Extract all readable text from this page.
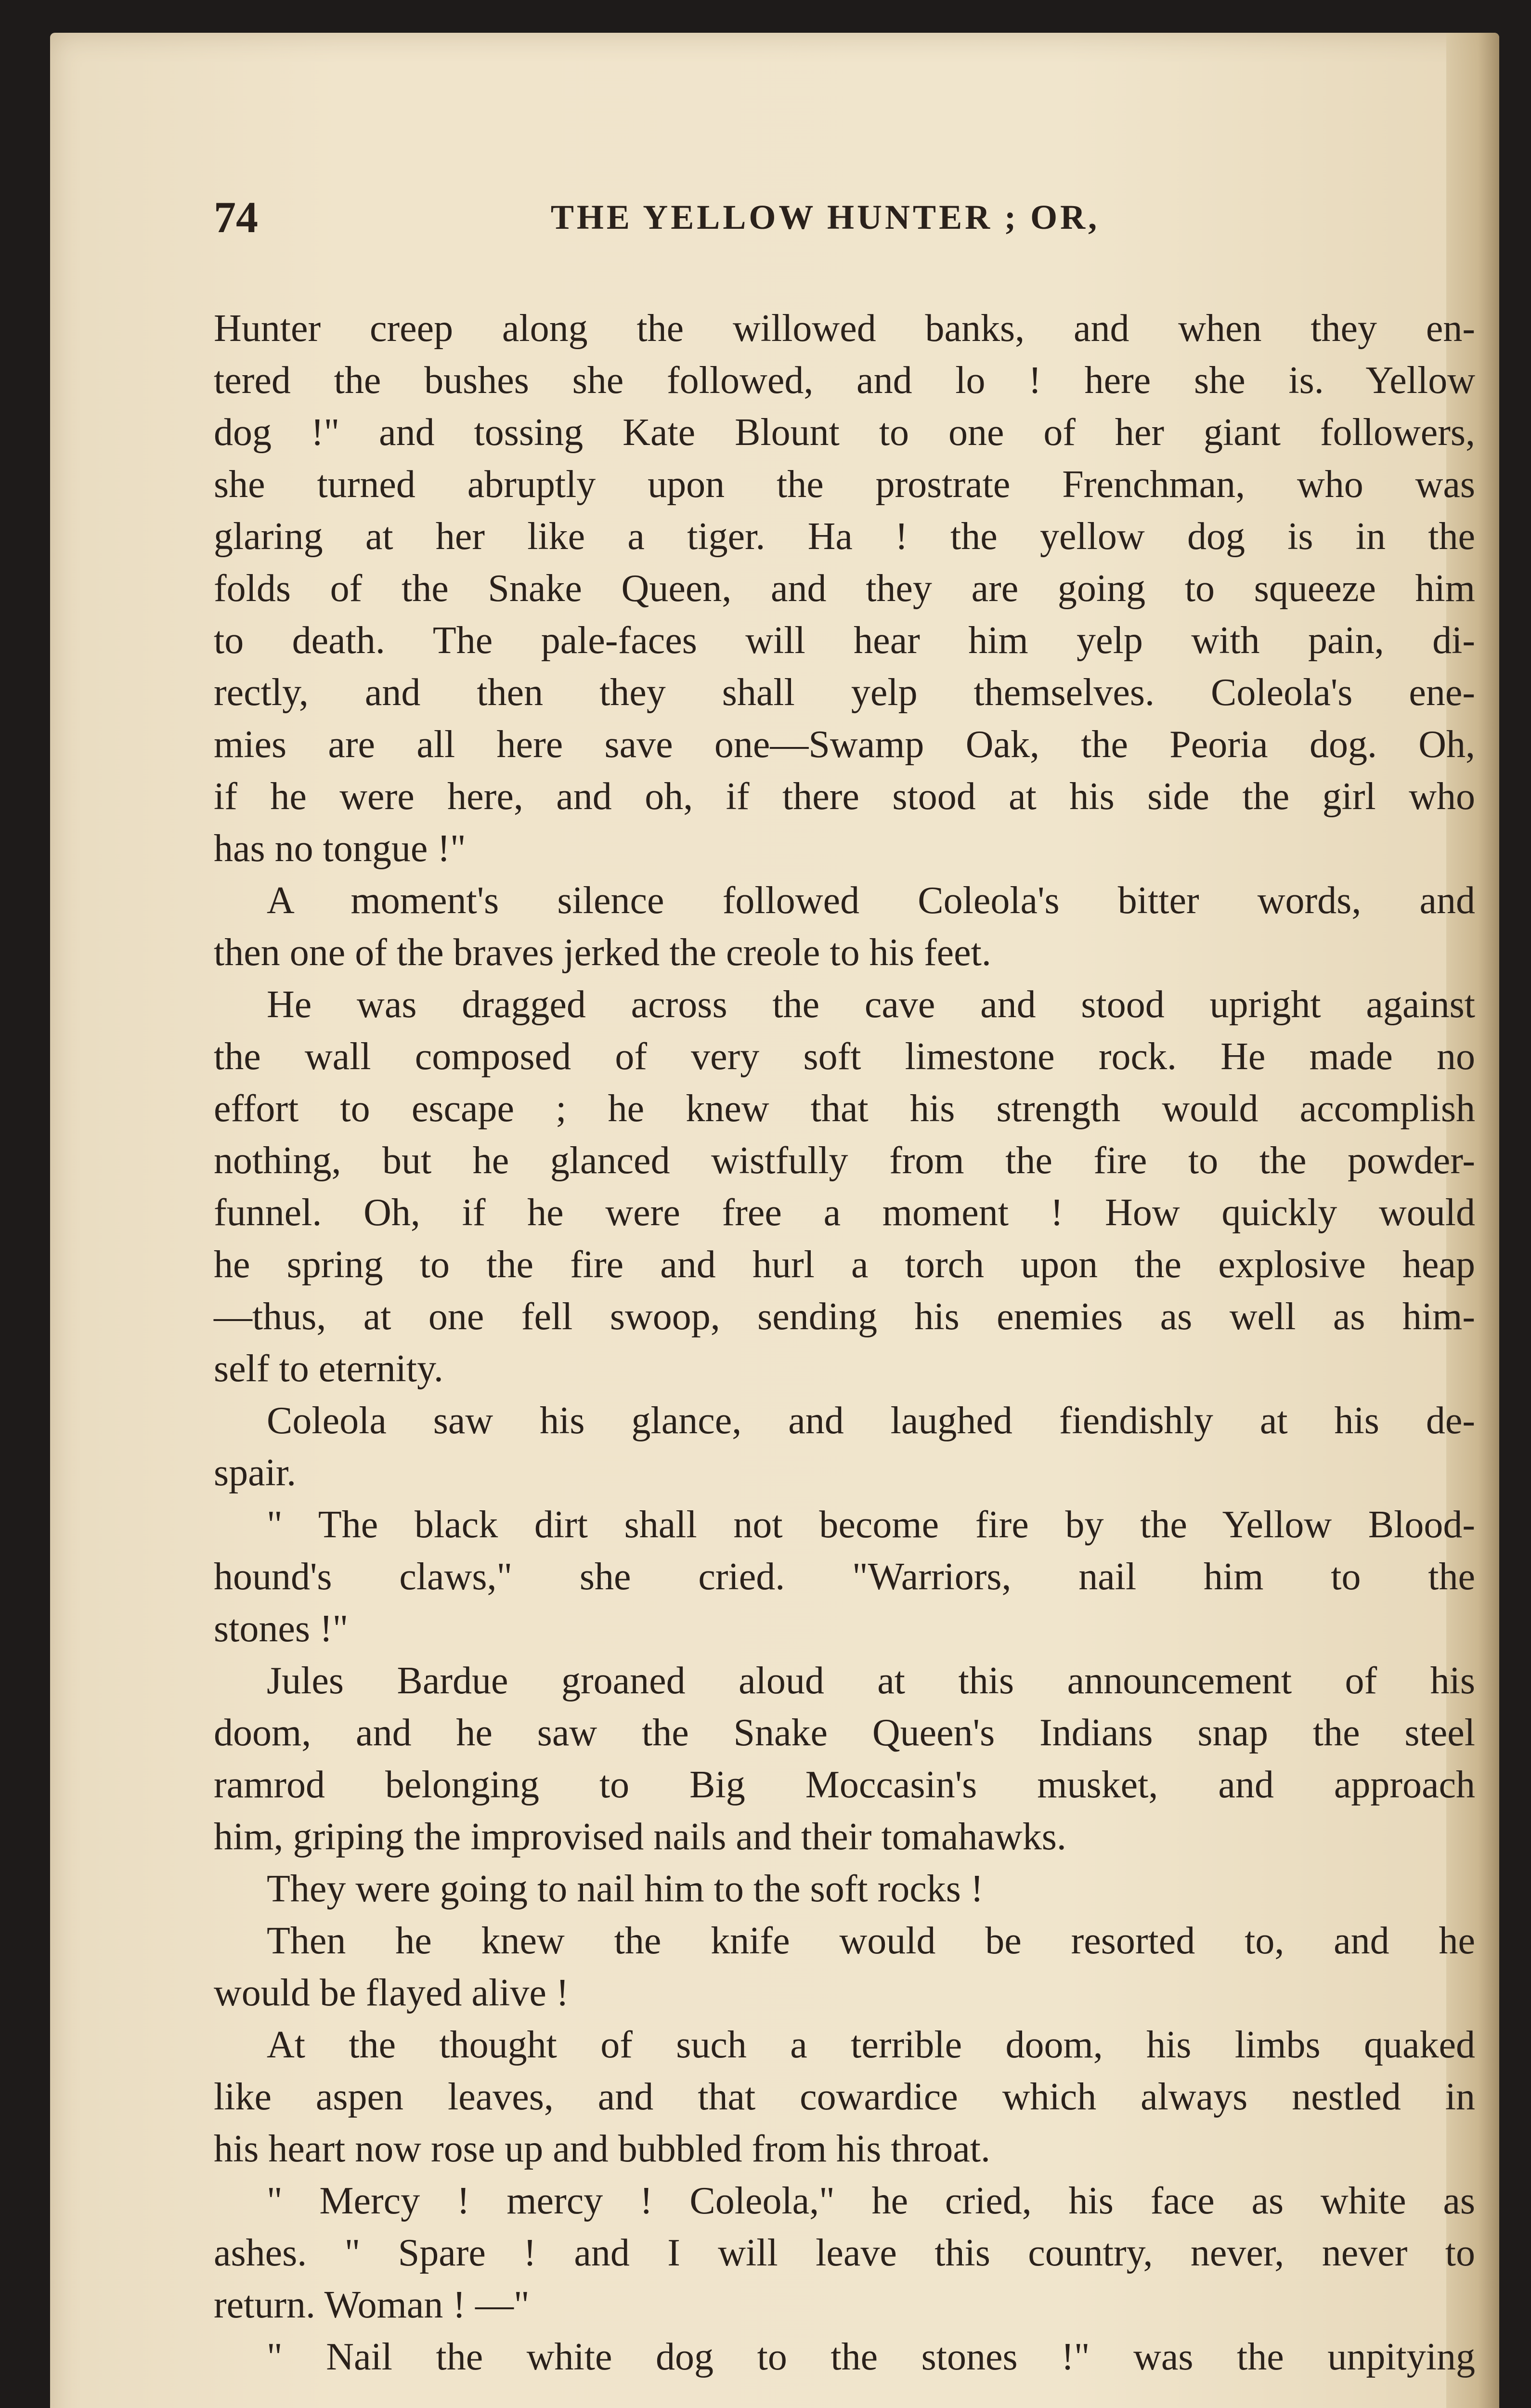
74	THE YELLOW HUNTER ; OR,
Hunter creep along the willowed banks, and when they en-
tered the bushes she followed, and lo ! here she is. Yellow
dog !" and tossing Kate Blount to one of her giant followers,
she turned abruptly upon the prostrate Frenchman, who was
glaring at her like a tiger. Ha ! the yellow dog is in the
folds of the Snake Queen, and they are going to squeeze him
to death. The pale-faces will hear him yelp with pain, di-
rectly, and then they shall yelp themselves. Coleola's ene-
mies are all here save one—Swamp Oak, the Peoria dog. Oh,
if he were here, and oh, if there stood at his side the girl who
has no tongue !"
A moment's silence followed Coleola's bitter words, and
then one of the braves jerked the creole to his feet.
He was dragged across the cave and stood upright against
the wall composed of very soft limestone rock. He made no
effort to escape ; he knew that his strength would accomplish
nothing, but he glanced wistfully from the fire to the powder-
funnel. Oh, if he were free a moment ! How quickly would
he spring to the fire and hurl a torch upon the explosive heap
—thus, at one fell swoop, sending his enemies as well as him-
self to eternity.
Coleola saw his glance, and laughed fiendishly at his de-
spair.
" The black dirt shall not become fire by the Yellow Blood-
hound's claws," she cried. "Warriors, nail him to the
stones !"
Jules Bardue groaned aloud at this announcement of his
doom, and he saw the Snake Queen's Indians snap the steel
ramrod belonging to Big Moccasin's musket, and approach
him, griping the improvised nails and their tomahawks.
They were going to nail him to the soft rocks !
Then he knew the knife would be resorted to, and he
would be flayed alive !
At the thought of such a terrible doom, his limbs quaked
like aspen leaves, and that cowardice which always nestled in
his heart now rose up and bubbled from his throat.
" Mercy ! mercy ! Coleola," he cried, his face as white as
ashes. " Spare ! and I will leave this country, never, never to
return. Woman ! —"
" Nail the white dog to the stones !" was the unpitying
